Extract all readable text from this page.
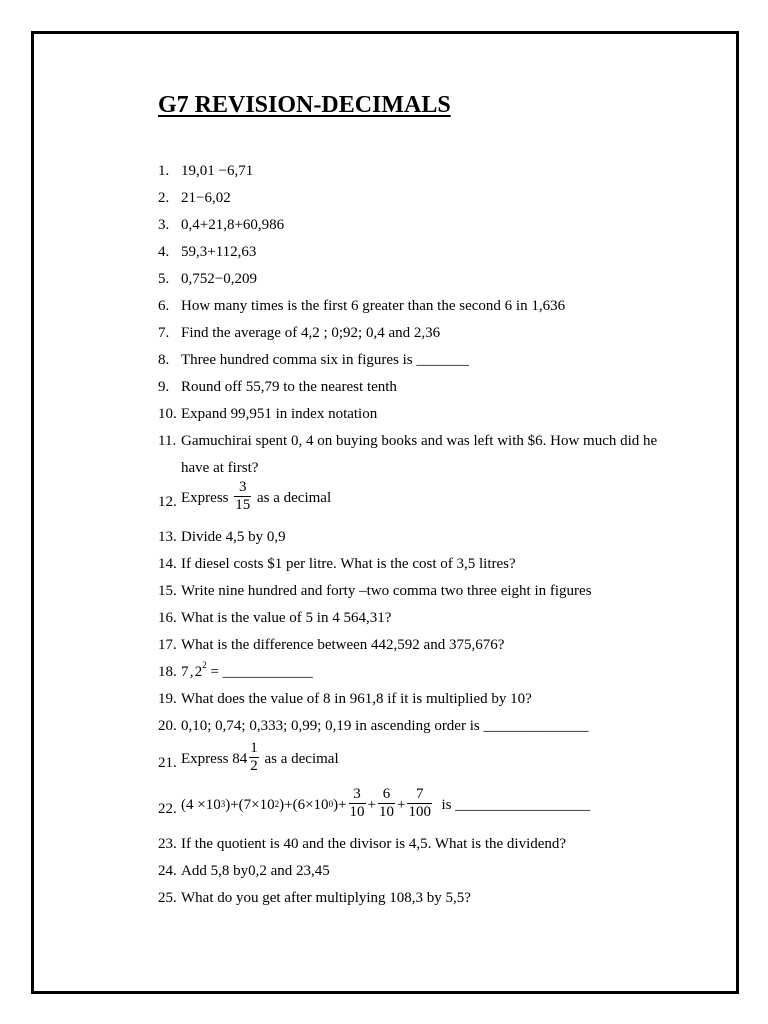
G7 REVISION-DECIMALS
1. 19,01 −6,71
2. 21−6,02
3. 0,4+21,8+60,986
4. 59,3+112,63
5. 0,752−0,209
6. How many times is the first 6 greater than the second 6 in 1,636
7. Find the average of 4,2 ; 0;92; 0,4 and 2,36
8. Three hundred comma six in figures is _______
9. Round off 55,79 to the nearest tenth
10. Expand 99,951 in index notation
11. Gamuchirai spent 0, 4 on buying books and was left with $6. How much did he have at first?
12. Express
$\frac{3}{15}$
as a decimal
13. Divide 4,5 by 0,9
14. If diesel costs $1 per litre. What is the cost of 3,5 litres?
15. Write nine hundred and forty –two comma two three eight in figures
16. What is the value of 5 in 4 564,31?
17. What is the difference between 442,592 and 375,676?
18. 7 , $2^2$ = ____________
19. What does the value of 8 in 961,8 if it is multiplied by 10?
20. 0,10; 0,74; 0,333; 0,99; 0,19 in ascending order is ______________
21. Express $84 \frac{1}{2}$
as a decimal
22. ($4 \times 10^3$ )$+(7\times 10^2$ )$+(6\times 10^0$ )+ $\frac{3}{10} + \frac{6}{10} + \frac{7}{100}$
is __________________
23. If the quotient is 40 and the divisor is 4,5. What is the dividend?
24. Add 5,8 by0,2 and 23,45
25. What do you get after multiplying 108,3 by 5,5?
